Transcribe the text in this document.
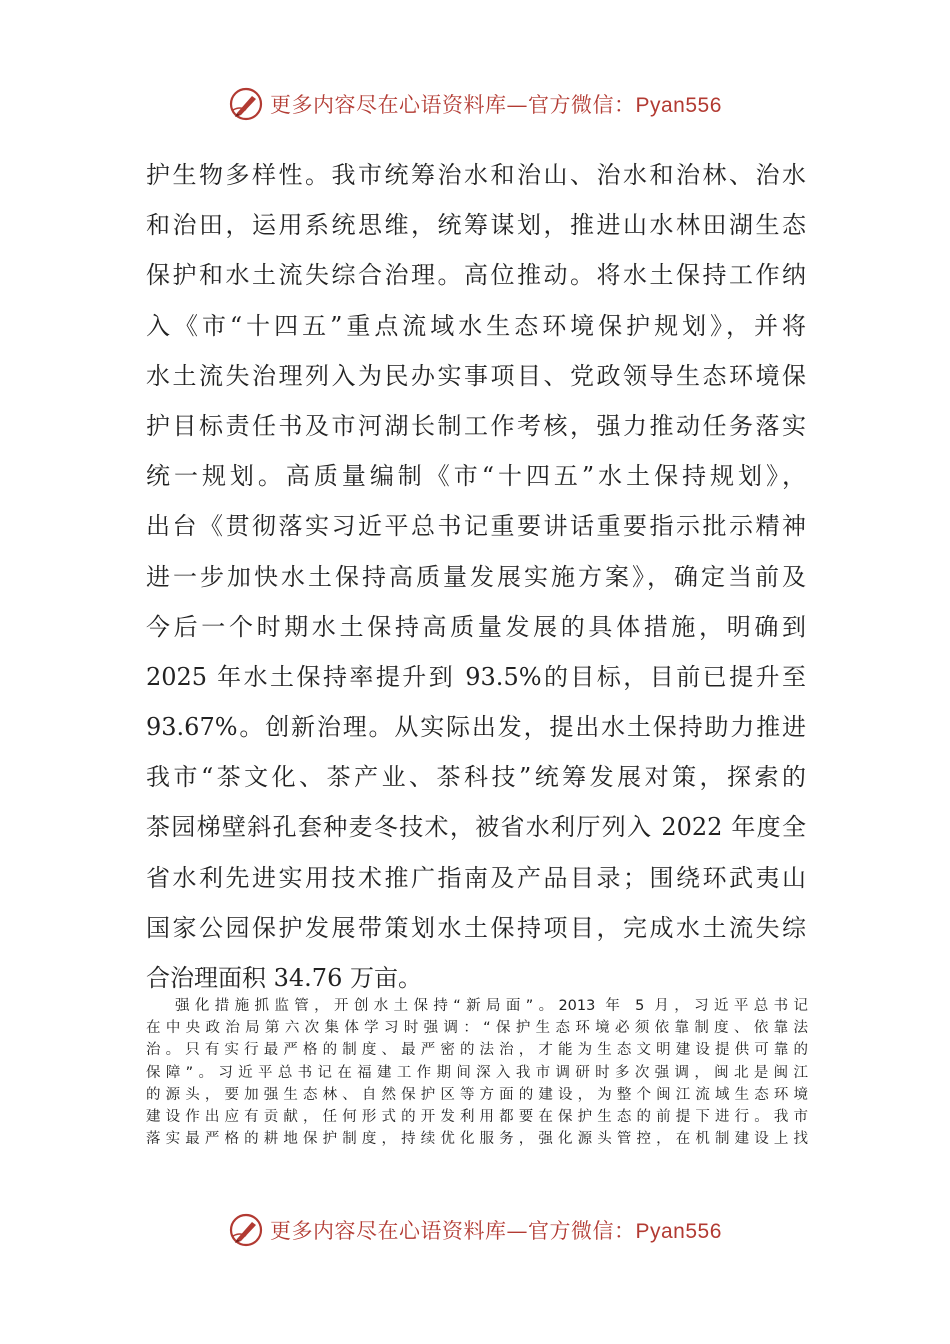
更多内容尽在心语资料库—官方微信：Pyan556
护生物多样性。我市统筹治水和治山、治水和治林、治水
和治田，运用系统思维，统筹谋划，推进山水林田湖生态
保护和水土流失综合治理。高位推动。将水土保持工作纳
入《市“十四五”重点流域水生态环境保护规划》，并将
水土流失治理列入为民办实事项目、党政领导生态环境保
护目标责任书及市河湖长制工作考核，强力推动任务落实
统一规划。高质量编制《市“十四五”水土保持规划》，
出台《贯彻落实习近平总书记重要讲话重要指示批示精神
进一步加快水土保持高质量发展实施方案》，确定当前及
今后一个时期水土保持高质量发展的具体措施，明确到
2025 年水土保持率提升到 93.5%的目标，目前已提升至
93.67%。创新治理。从实际出发，提出水土保持助力推进
我市“茶文化、茶产业、茶科技”统筹发展对策，探索的
茶园梯壁斜孔套种麦冬技术，被省水利厅列入 2022 年度全
省水利先进实用技术推广指南及产品目录；围绕环武夷山
国家公园保护发展带策划水土保持项目，完成水土流失综
合治理面积 34.76 万亩。
强化措施抓监管，开创水土保持“新局面”。2013 年 5 月，习近平总书记
在中央政治局第六次集体学习时强调：“保护生态环境必须依靠制度、依靠法
治。只有实行最严格的制度、最严密的法治，才能为生态文明建设提供可靠的
保障”。习近平总书记在福建工作期间深入我市调研时多次强调，闽北是闽江
的源头，要加强生态林、自然保护区等方面的建设，为整个闽江流域生态环境
建设作出应有贡献，任何形式的开发利用都要在保护生态的前提下进行。我市
落实最严格的耕地保护制度，持续优化服务，强化源头管控，在机制建设上找
更多内容尽在心语资料库—官方微信：Pyan556
